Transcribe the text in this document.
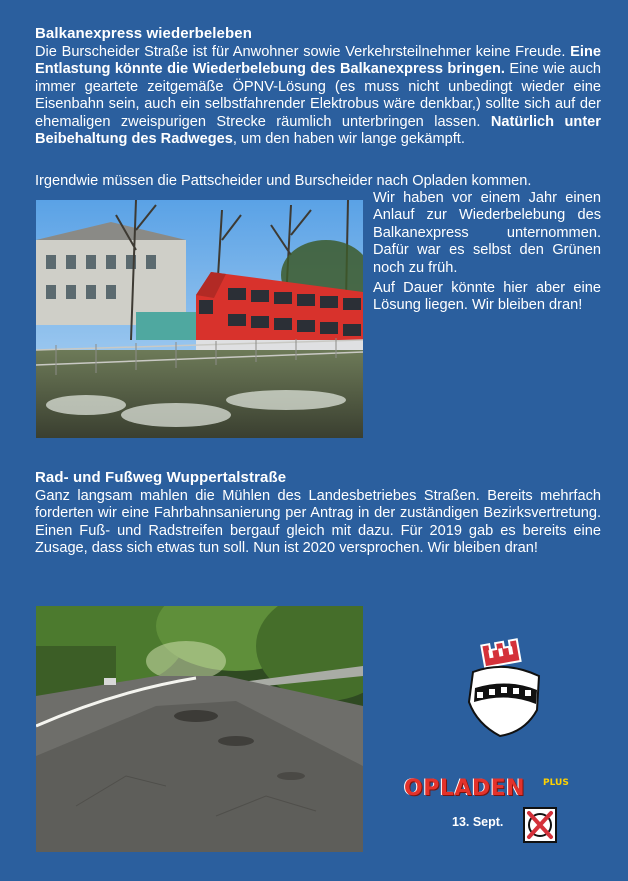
Balkanexpress wiederbeleben

Die Burscheider Straße ist für Anwohner sowie Verkehrsteilnehmer keine Freude. Eine Entlastung könnte die Wiederbelebung des Balkanexpress bringen. Eine wie auch immer geartete zeitgemäße ÖPNV-Lösung (es muss nicht unbedingt wieder eine Eisenbahn sein, auch ein selbstfahrender Elektrobus wäre denkbar,) sollte sich auf der ehemaligen zweispurigen Strecke räumlich unterbringen lassen. Natürlich unter Beibehaltung des Radweges, um den haben wir lange gekämpft.

Irgendwie müssen die Pattscheider und Burscheider nach Opladen kommen.

Wir haben vor einem Jahr einen Anlauf zur Wiederbelebung des Balkanexpress unternommen. Dafür war es selbst den Grünen noch zu früh.

Auf Dauer könnte hier aber eine Lösung liegen. Wir bleiben dran!

Rad- und Fußweg Wuppertalstraße

Ganz langsam mahlen die Mühlen des Landesbetriebes Straßen. Bereits mehrfach forderten wir eine Fahrbahnsanierung per Antrag in der zuständigen Bezirksvertretung. Einen Fuß- und Radstreifen bergauf gleich mit dazu. Für 2019 gab es bereits eine Zusage, dass sich etwas tun soll. Nun ist 2020 versprochen. Wir bleiben dran!

OPLADEN PLUS
13. Sept.
